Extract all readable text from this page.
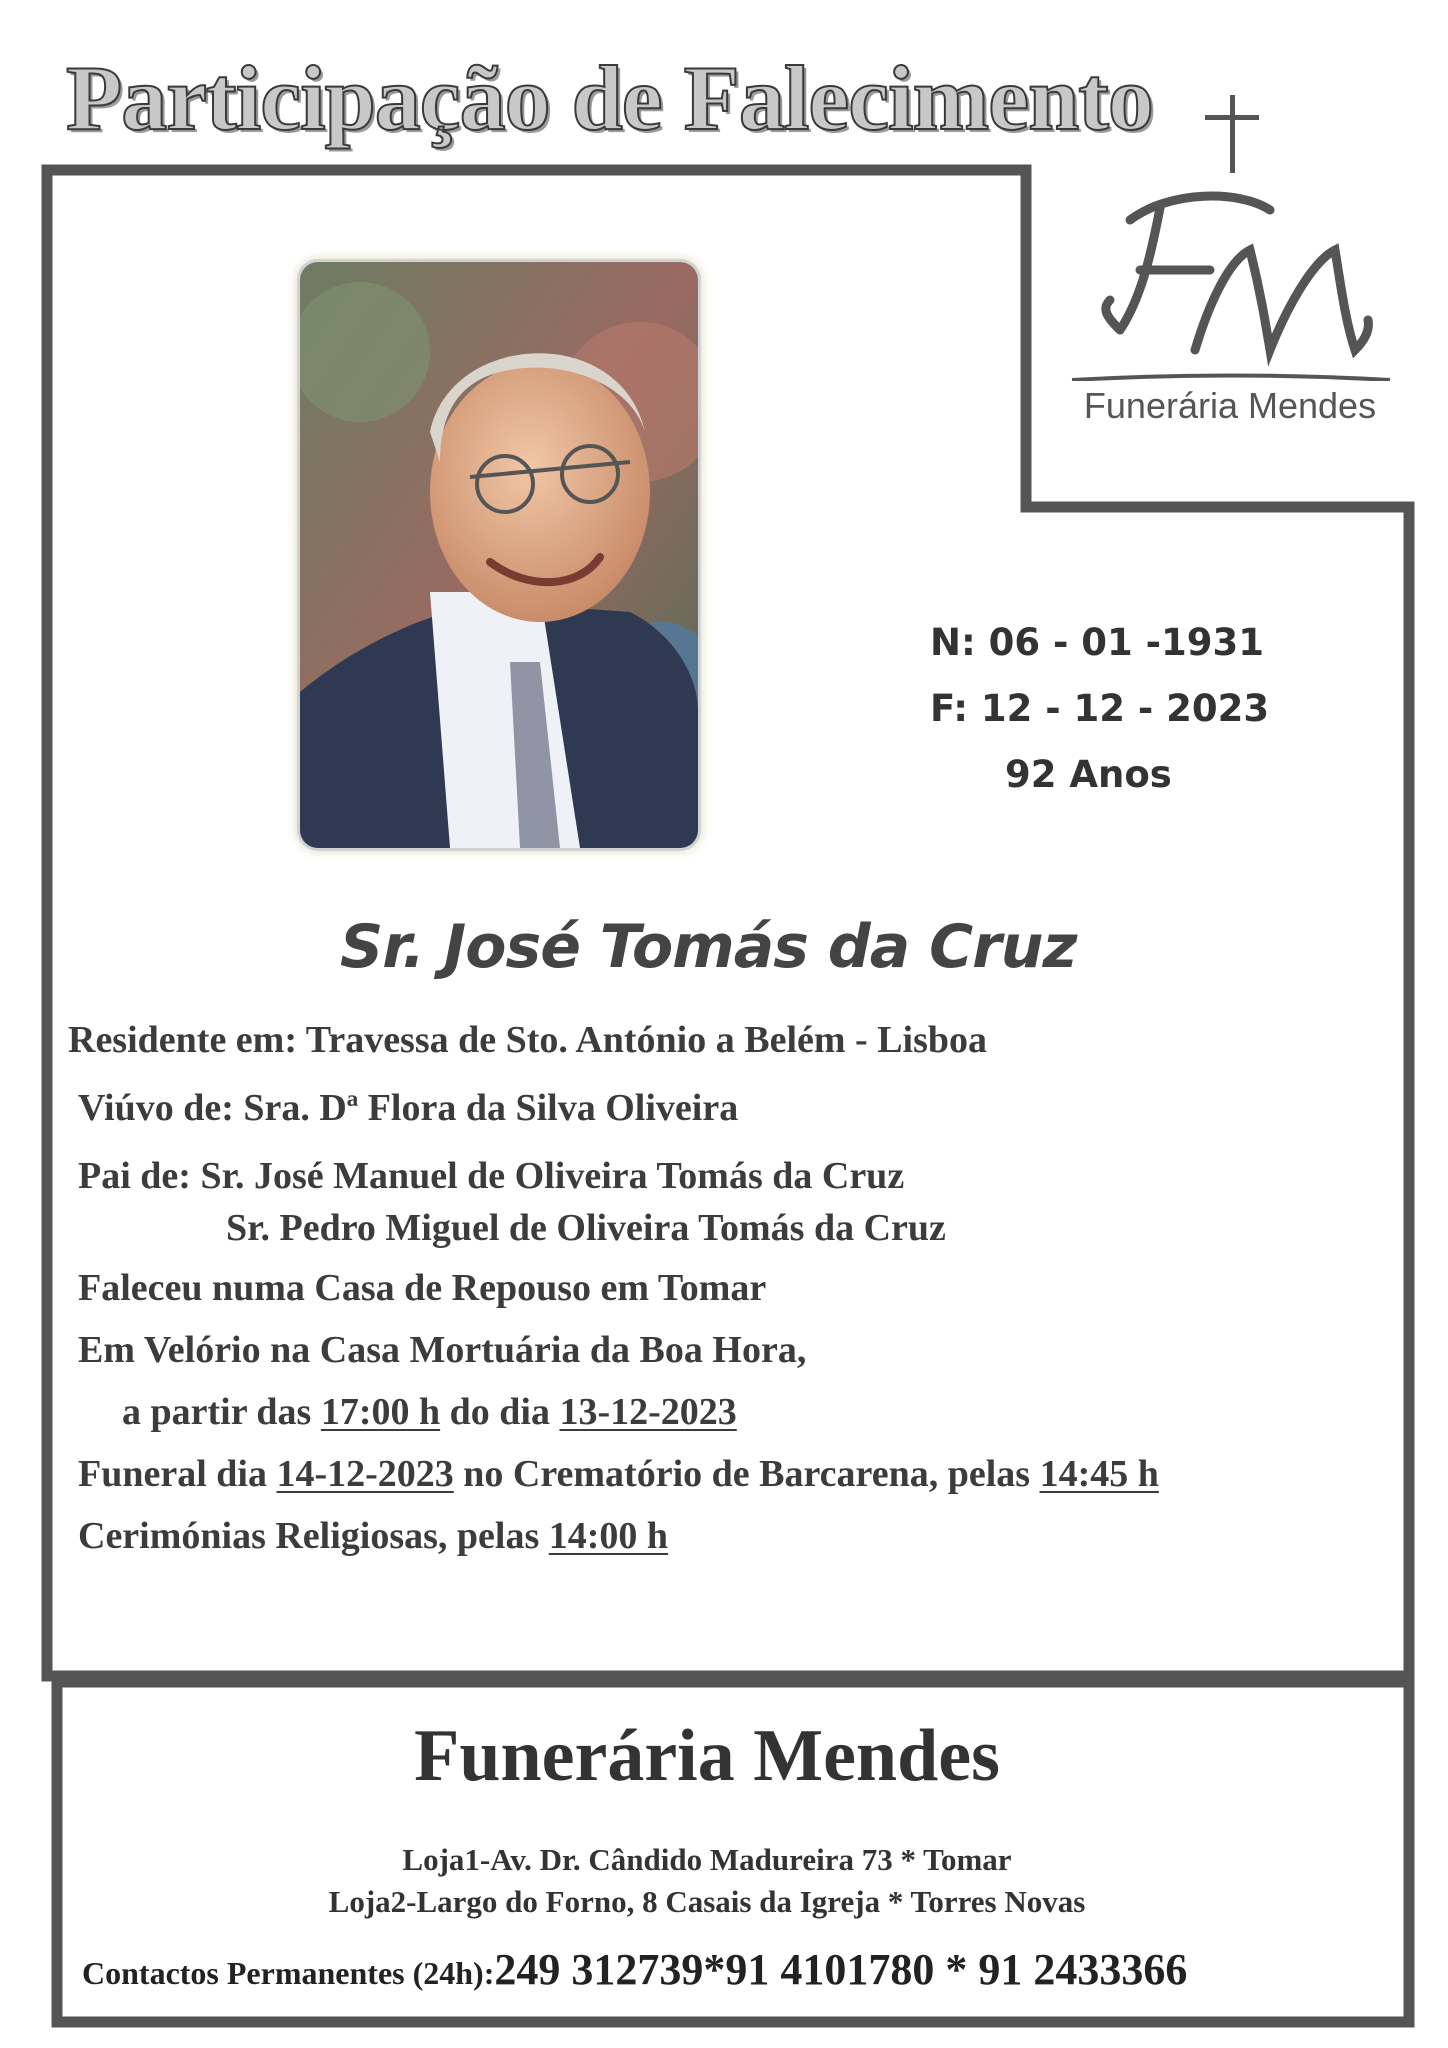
Participação de Falecimento
Funerária Mendes
N: 06 - 01 -1931
F: 12 - 12 - 2023
92 Anos
Sr. José Tomás da Cruz
Residente em: Travessa de Sto. António a Belém - Lisboa
Viúvo de: Sra. Dª Flora da Silva Oliveira
Pai de: Sr. José Manuel de Oliveira Tomás da Cruz
Sr. Pedro Miguel de Oliveira Tomás da Cruz
Faleceu numa Casa de Repouso em Tomar
Em Velório na Casa Mortuária da Boa Hora,
a partir das 17:00 h do dia 13-12-2023
Funeral dia 14-12-2023 no Crematório de Barcarena, pelas 14:45 h
Cerimónias Religiosas, pelas 14:00 h
Funerária Mendes
Loja1-Av. Dr. Cândido Madureira 73 * Tomar
Loja2-Largo do Forno, 8 Casais da Igreja * Torres Novas
Contactos Permanentes (24h):249 312739*91 4101780 * 91 2433366
